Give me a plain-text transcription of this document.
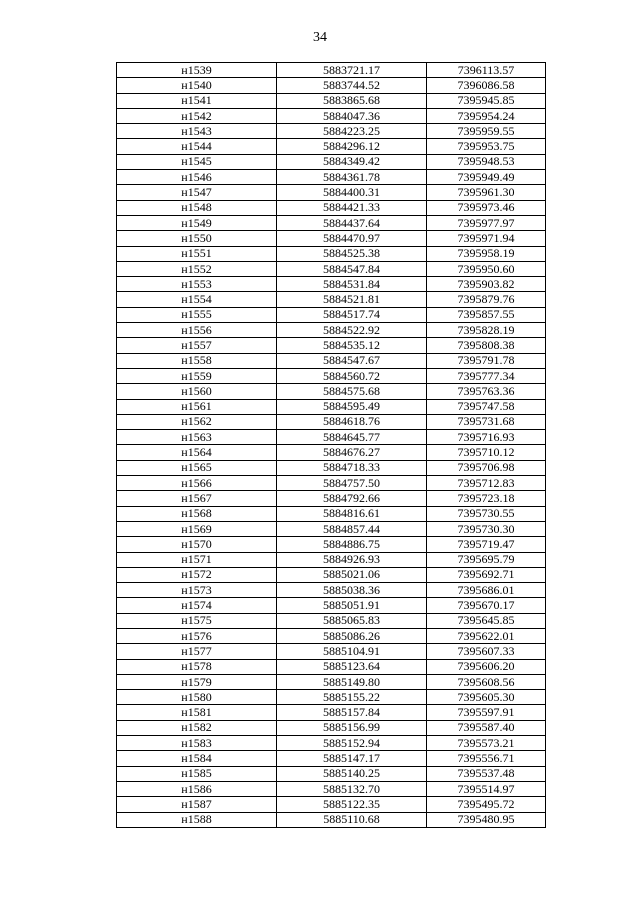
34
н1539	5883721.17	7396113.57
н1540	5883744.52	7396086.58
н1541	5883865.68	7395945.85
н1542	5884047.36	7395954.24
н1543	5884223.25	7395959.55
н1544	5884296.12	7395953.75
н1545	5884349.42	7395948.53
н1546	5884361.78	7395949.49
н1547	5884400.31	7395961.30
н1548	5884421.33	7395973.46
н1549	5884437.64	7395977.97
н1550	5884470.97	7395971.94
н1551	5884525.38	7395958.19
н1552	5884547.84	7395950.60
н1553	5884531.84	7395903.82
н1554	5884521.81	7395879.76
н1555	5884517.74	7395857.55
н1556	5884522.92	7395828.19
н1557	5884535.12	7395808.38
н1558	5884547.67	7395791.78
н1559	5884560.72	7395777.34
н1560	5884575.68	7395763.36
н1561	5884595.49	7395747.58
н1562	5884618.76	7395731.68
н1563	5884645.77	7395716.93
н1564	5884676.27	7395710.12
н1565	5884718.33	7395706.98
н1566	5884757.50	7395712.83
н1567	5884792.66	7395723.18
н1568	5884816.61	7395730.55
н1569	5884857.44	7395730.30
н1570	5884886.75	7395719.47
н1571	5884926.93	7395695.79
н1572	5885021.06	7395692.71
н1573	5885038.36	7395686.01
н1574	5885051.91	7395670.17
н1575	5885065.83	7395645.85
н1576	5885086.26	7395622.01
н1577	5885104.91	7395607.33
н1578	5885123.64	7395606.20
н1579	5885149.80	7395608.56
н1580	5885155.22	7395605.30
н1581	5885157.84	7395597.91
н1582	5885156.99	7395587.40
н1583	5885152.94	7395573.21
н1584	5885147.17	7395556.71
н1585	5885140.25	7395537.48
н1586	5885132.70	7395514.97
н1587	5885122.35	7395495.72
н1588	5885110.68	7395480.95
